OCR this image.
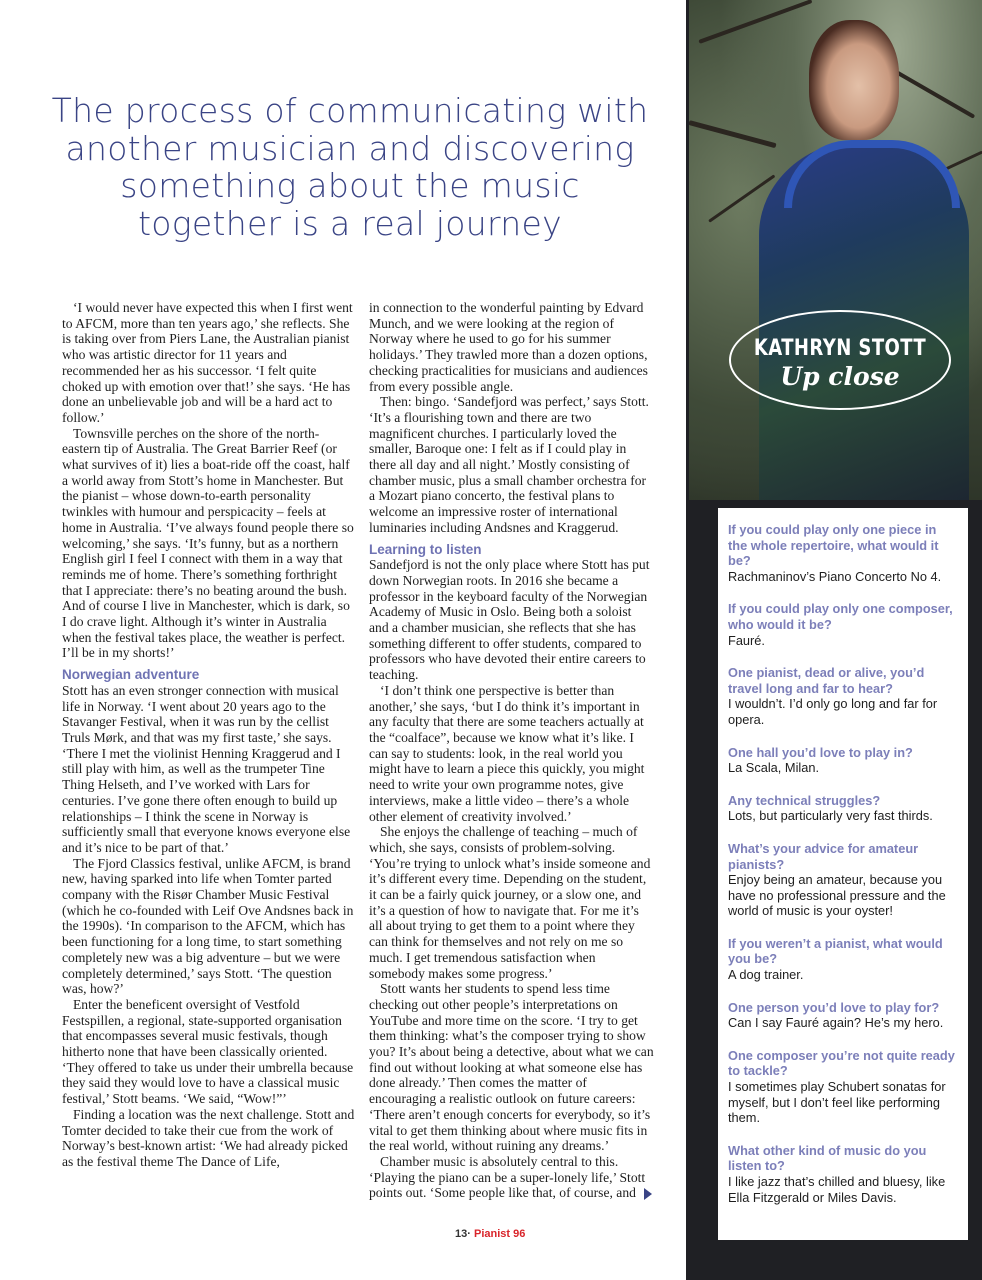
The process of communicating with
another musician and discovering
something about the music
together is a real journey

‘I would never have expected this when I first went to AFCM, more than ten years ago,’ she reflects. She is taking over from Piers Lane, the Australian pianist who was artistic director for 11 years and recommended her as his successor. ‘I felt quite choked up with emotion over that!’ she says. ‘He has done an unbelievable job and will be a hard act to follow.’

Townsville perches on the shore of the north-eastern tip of Australia. The Great Barrier Reef (or what survives of it) lies a boat-ride off the coast, half a world away from Stott’s home in Manchester. But the pianist – whose down-to-earth personality twinkles with humour and perspicacity – feels at home in Australia. ‘I’ve always found people there so welcoming,’ she says. ‘It’s funny, but as a northern English girl I feel I connect with them in a way that reminds me of home. There’s something forthright that I appreciate: there’s no beating around the bush. And of course I live in Manchester, which is dark, so I do crave light. Although it’s winter in Australia when the festival takes place, the weather is perfect. I’ll be in my shorts!’

Norwegian adventure

Stott has an even stronger connection with musical life in Norway. ‘I went about 20 years ago to the Stavanger Festival, when it was run by the cellist Truls Mørk, and that was my first taste,’ she says. ‘There I met the violinist Henning Kraggerud and I still play with him, as well as the trumpeter Tine Thing Helseth, and I’ve worked with Lars for centuries. I’ve gone there often enough to build up relationships – I think the scene in Norway is sufficiently small that everyone knows everyone else and it’s nice to be part of that.’

The Fjord Classics festival, unlike AFCM, is brand new, having sparked into life when Tomter parted company with the Risør Chamber Music Festival (which he co-founded with Leif Ove Andsnes back in the 1990s). ‘In comparison to the AFCM, which has been functioning for a long time, to start something completely new was a big adventure – but we were completely determined,’ says Stott. ‘The question was, how?’

Enter the beneficent oversight of Vestfold Festspillen, a regional, state-supported organisation that encompasses several music festivals, though hitherto none that have been classically oriented. ‘They offered to take us under their umbrella because they said they would love to have a classical music festival,’ Stott beams. ‘We said, “Wow!”’

Finding a location was the next challenge. Stott and Tomter decided to take their cue from the work of Norway’s best-known artist: ‘We had already picked as the festival theme The Dance of Life,

in connection to the wonderful painting by Edvard Munch, and we were looking at the region of Norway where he used to go for his summer holidays.’ They trawled more than a dozen options, checking practicalities for musicians and audiences from every possible angle.

Then: bingo. ‘Sandefjord was perfect,’ says Stott. ‘It’s a flourishing town and there are two magnificent churches. I particularly loved the smaller, Baroque one: I felt as if I could play in there all day and all night.’ Mostly consisting of chamber music, plus a small chamber orchestra for a Mozart piano concerto, the festival plans to welcome an impressive roster of international luminaries including Andsnes and Kraggerud.

Learning to listen

Sandefjord is not the only place where Stott has put down Norwegian roots. In 2016 she became a professor in the keyboard faculty of the Norwegian Academy of Music in Oslo. Being both a soloist and a chamber musician, she reflects that she has something different to offer students, compared to professors who have devoted their entire careers to teaching.

‘I don’t think one perspective is better than another,’ she says, ‘but I do think it’s important in any faculty that there are some teachers actually at the “coalface”, because we know what it’s like. I can say to students: look, in the real world you might have to learn a piece this quickly, you might need to write your own programme notes, give interviews, make a little video – there’s a whole other element of creativity involved.’

She enjoys the challenge of teaching – much of which, she says, consists of problem-solving. ‘You’re trying to unlock what’s inside someone and it’s different every time. Depending on the student, it can be a fairly quick journey, or a slow one, and it’s a question of how to navigate that. For me it’s all about trying to get them to a point where they can think for themselves and not rely on me so much. I get tremendous satisfaction when somebody makes some progress.’

Stott wants her students to spend less time checking out other people’s interpretations on YouTube and more time on the score. ‘I try to get them thinking: what’s the composer trying to show you? It’s about being a detective, about what we can find out without looking at what someone else has done already.’ Then comes the matter of encouraging a realistic outlook on future careers: ‘There aren’t enough concerts for everybody, so it’s vital to get them thinking about where music fits in the real world, without ruining any dreams.’

Chamber music is absolutely central to this. ‘Playing the piano can be a super-lonely life,’ Stott points out. ‘Some people like that, of course, and

13· Pianist 96
KATHRYN STOTT
Up close
If you could play only one piece in the whole repertoire, what would it be?
Rachmaninov’s Piano Concerto No 4.
If you could play only one composer, who would it be?
Fauré.
One pianist, dead or alive, you’d travel long and far to hear?
I wouldn’t. I’d only go long and far for opera.
One hall you’d love to play in?
La Scala, Milan.
Any technical struggles?
Lots, but particularly very fast thirds.
What’s your advice for amateur pianists?
Enjoy being an amateur, because you have no professional pressure and the world of music is your oyster!
If you weren’t a pianist, what would you be?
A dog trainer.
One person you’d love to play for?
Can I say Fauré again? He’s my hero.
One composer you’re not quite ready to tackle?
I sometimes play Schubert sonatas for myself, but I don’t feel like performing them.
What other kind of music do you listen to?
I like jazz that’s chilled and bluesy, like Ella Fitzgerald or Miles Davis.
